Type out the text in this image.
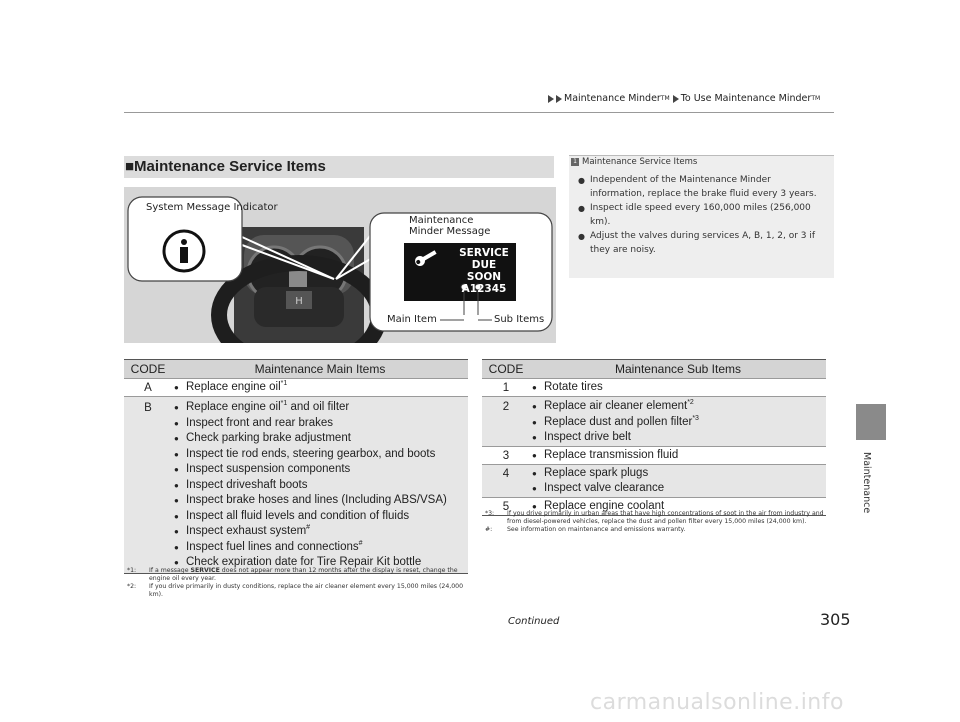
Maintenance Minder TM To Use Maintenance Minder TM
Maintenance
■Maintenance Service Items	1 Maintenance Service Items
● Independent of the Maintenance Minder information, replace the brake fluid every 3 years.
● Inspect idle speed every 160,000 miles (256,000 km).
● Adjust the valves during services A, B, 1, 2, or 3 if they are noisy.
H
System Message Indicator
Maintenance Minder Message
SERVICE
DUE SOON
A12345
Main Item	Sub Items
CODE	Maintenance Main Items
A	● Replace engine oil$^{*1}$
B	● Replace engine oil$^{*1}$ and oil filter
● Inspect front and rear brakes
● Check parking brake adjustment
● Inspect tie rod ends, steering gearbox, and boots
● Inspect suspension components
● Inspect driveshaft boots
● Inspect brake hoses and lines (Including ABS/VSA)
● Inspect all fluid levels and condition of fluids
● Inspect exhaust system#
● Inspect fuel lines and connections#
● Check expiration date for Tire Repair Kit bottle
CODE	Maintenance Sub Items
1	● Rotate tires
2	● Replace air cleaner element$^{*2}$
● Replace dust and pollen filter$^{*3}$
● Inspect drive belt
3	● Replace transmission fluid
4	● Replace spark plugs
● Inspect valve clearance
5	● Replace engine coolant
*1:	If a message SERVICE does not appear more than 12 months after the display is reset, change the engine oil every year.
*2:	If you drive primarily in dusty conditions, replace the air cleaner element every 15,000 miles (24,000 km).
*3:	If you drive primarily in urban areas that have high concentrations of soot in the air from industry and from diesel-powered vehicles, replace the dust and pollen filter every 15,000 miles (24,000 km).
#:	See information on maintenance and emissions warranty.
Continued	305
carmanualsonline.info
